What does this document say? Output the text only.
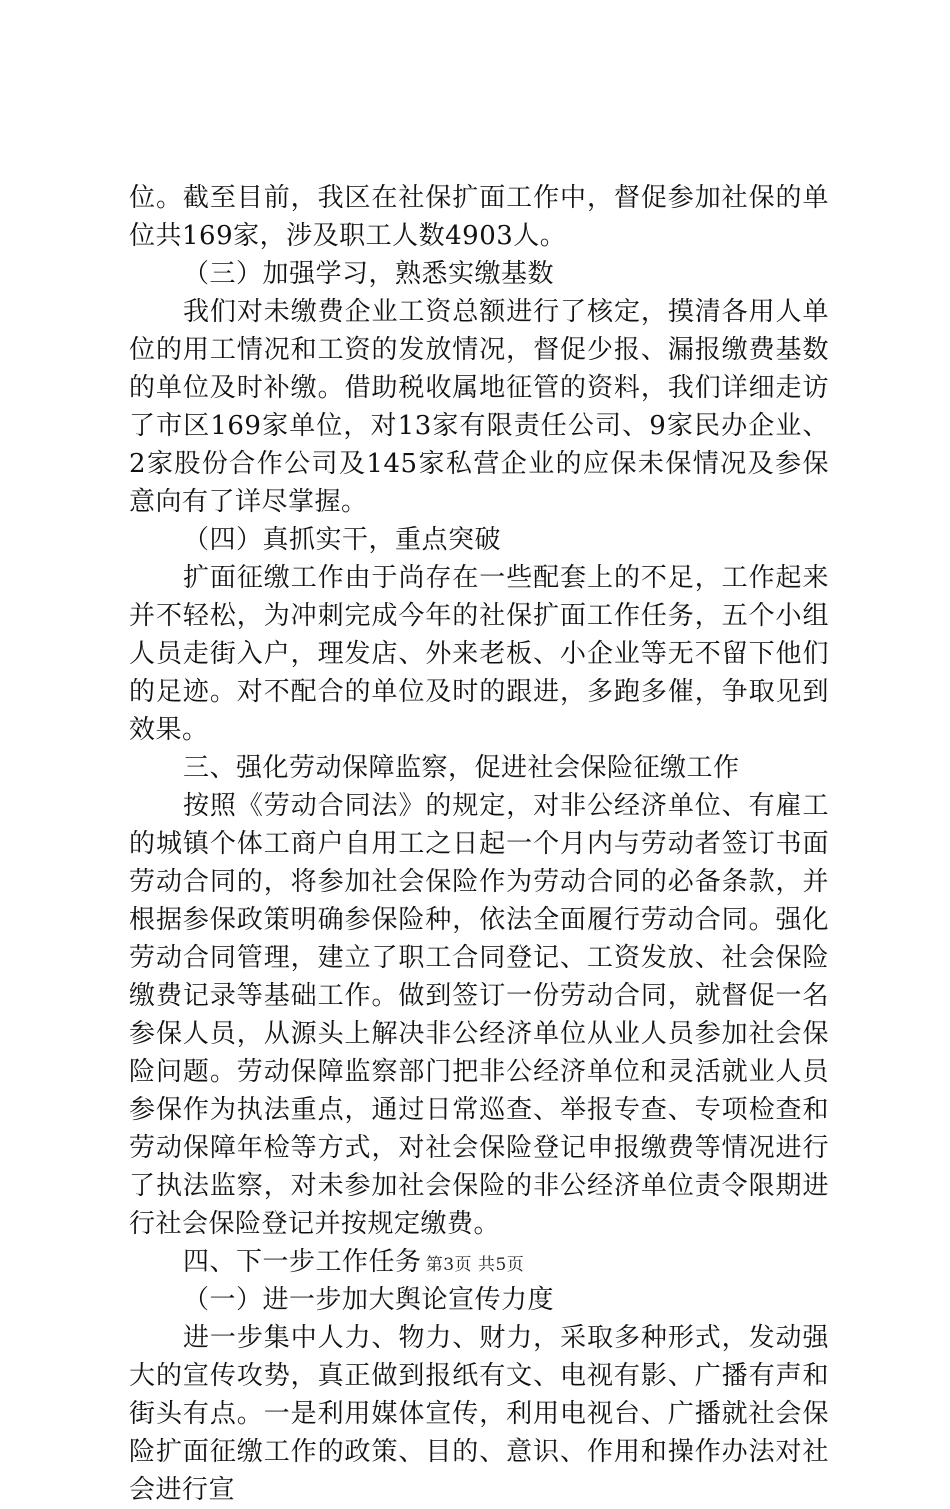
位。截至目前，我区在社保扩面工作中，督促参加社保的单位共169家，涉及职工人数4903人。

（三）加强学习，熟悉实缴基数

我们对未缴费企业工资总额进行了核定，摸清各用人单位的用工情况和工资的发放情况，督促少报、漏报缴费基数的单位及时补缴。借助税收属地征管的资料，我们详细走访了市区169家单位，对13家有限责任公司、9家民办企业、2家股份合作公司及145家私营企业的应保未保情况及参保意向有了详尽掌握。

（四）真抓实干，重点突破

扩面征缴工作由于尚存在一些配套上的不足，工作起来并不轻松，为冲刺完成今年的社保扩面工作任务，五个小组人员走街入户，理发店、外来老板、小企业等无不留下他们的足迹。对不配合的单位及时的跟进，多跑多催，争取见到效果。

三、强化劳动保障监察，促进社会保险征缴工作

按照《劳动合同法》的规定，对非公经济单位、有雇工的城镇个体工商户自用工之日起一个月内与劳动者签订书面劳动合同的，将参加社会保险作为劳动合同的必备条款，并根据参保政策明确参保险种，依法全面履行劳动合同。强化劳动合同管理，建立了职工合同登记、工资发放、社会保险缴费记录等基础工作。做到签订一份劳动合同，就督促一名参保人员，从源头上解决非公经济单位从业人员参加社会保险问题。劳动保障监察部门把非公经济单位和灵活就业人员参保作为执法重点，通过日常巡查、举报专查、专项检查和劳动保障年检等方式，对社会保险登记申报缴费等情况进行了执法监察，对未参加社会保险的非公经济单位责令限期进行社会保险登记并按规定缴费。

四、下一步工作任务

（一）进一步加大舆论宣传力度

进一步集中人力、物力、财力，采取多种形式，发动强大的宣传攻势，真正做到报纸有文、电视有影、广播有声和街头有点。一是利用媒体宣传，利用电视台、广播就社会保险扩面征缴工作的政策、目的、意识、作用和操作办法对社会进行宣

第3页 共5页
